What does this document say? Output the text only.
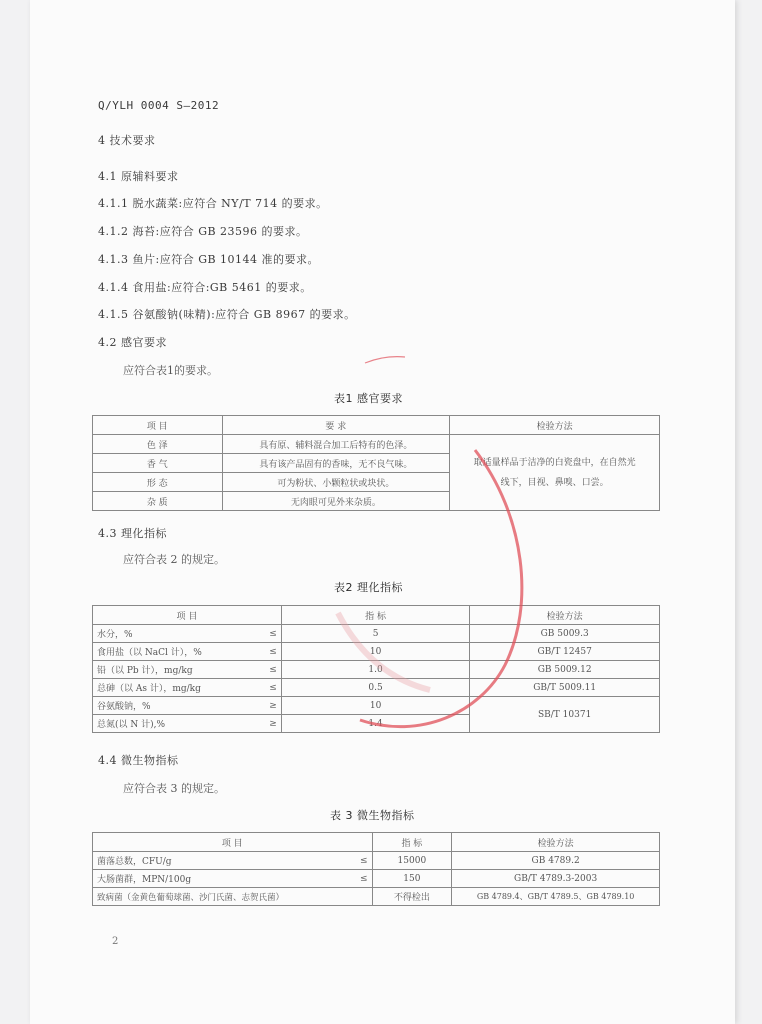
Q/YLH 0004 S—2012
4 技术要求
4.1 原辅料要求
4.1.1 脱水蔬菜:应符合 NY/T 714 的要求。
4.1.2 海苔:应符合 GB 23596 的要求。
4.1.3 鱼片:应符合 GB 10144 准的要求。
4.1.4 食用盐:应符合:GB 5461 的要求。
4.1.5 谷氨酸钠(味精):应符合 GB 8967 的要求。
4.2 感官要求
应符合表1的要求。
表1 感官要求
项 目	要 求	检验方法
色 泽	具有原、辅料混合加工后特有的色泽。	取适量样品于洁净的白瓷盘中，在自然光
线下，目视、鼻嗅、口尝。

香 气	具有该产品固有的香味，无不良气味。	
形 态	可为粉状、小颗粒状或块状。	
杂 质	无肉眼可见外来杂质。	
4.3 理化指标
应符合表 2 的规定。
表2 理化指标
项 目		指 标	检验方法
水分，%	≤	5	GB 5009.3
食用盐（以 NaCl 计），%	≤	10	GB/T 12457
铅（以 Pb 计），mg/kg	≤	1.0	GB 5009.12
总砷（以 As 计），mg/kg	≤	0.5	GB/T 5009.11
谷氨酸钠，%	≥	10	SB/T 10371
总氮(以 N 计),%	≥	1.4	
4.4 微生物指标
应符合表 3 的规定。
表 3 微生物指标
项 目		指 标	检验方法
菌落总数，CFU/g	≤	15000	GB 4789.2
大肠菌群，MPN/100g	≤	150	GB/T 4789.3-2003
致病菌（金黄色葡萄球菌、沙门氏菌、志贺氏菌）		不得检出	GB 4789.4、GB/T 4789.5、GB 4789.10
2
